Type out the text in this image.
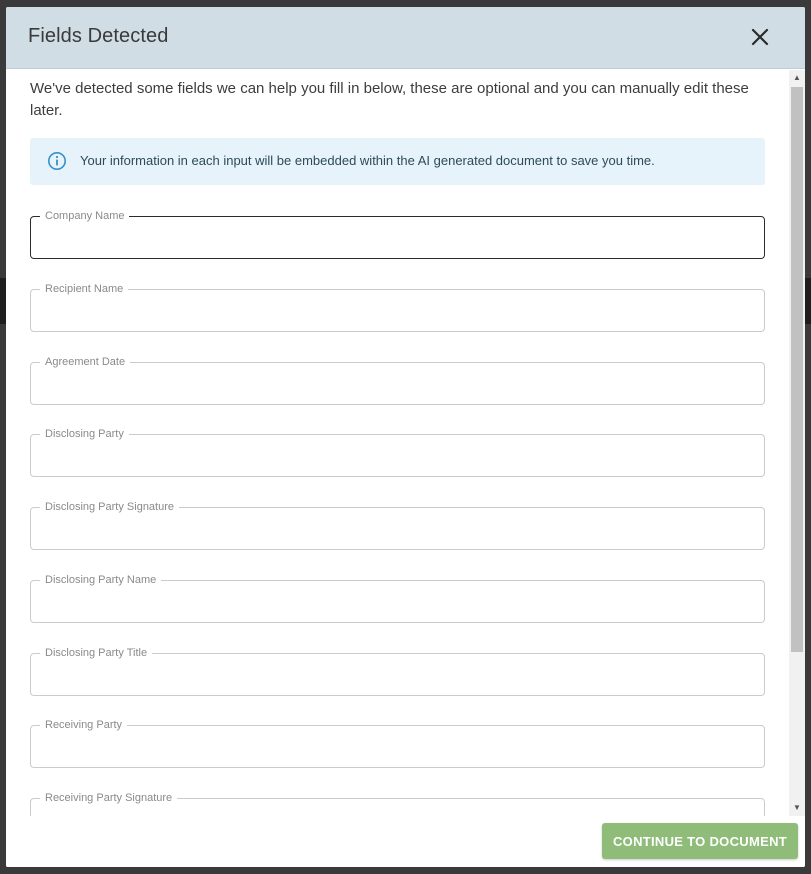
Fields Detected

We've detected some fields we can help you fill in below, these are optional and you can manually edit these later.

Your information in each input will be embedded within the AI generated document to save you time.
Company Name
Recipient Name
Agreement Date
Disclosing Party
Disclosing Party Signature
Disclosing Party Name
Disclosing Party Title
Receiving Party
Receiving Party Signature
▲
▼
CONTINUE TO DOCUMENT
